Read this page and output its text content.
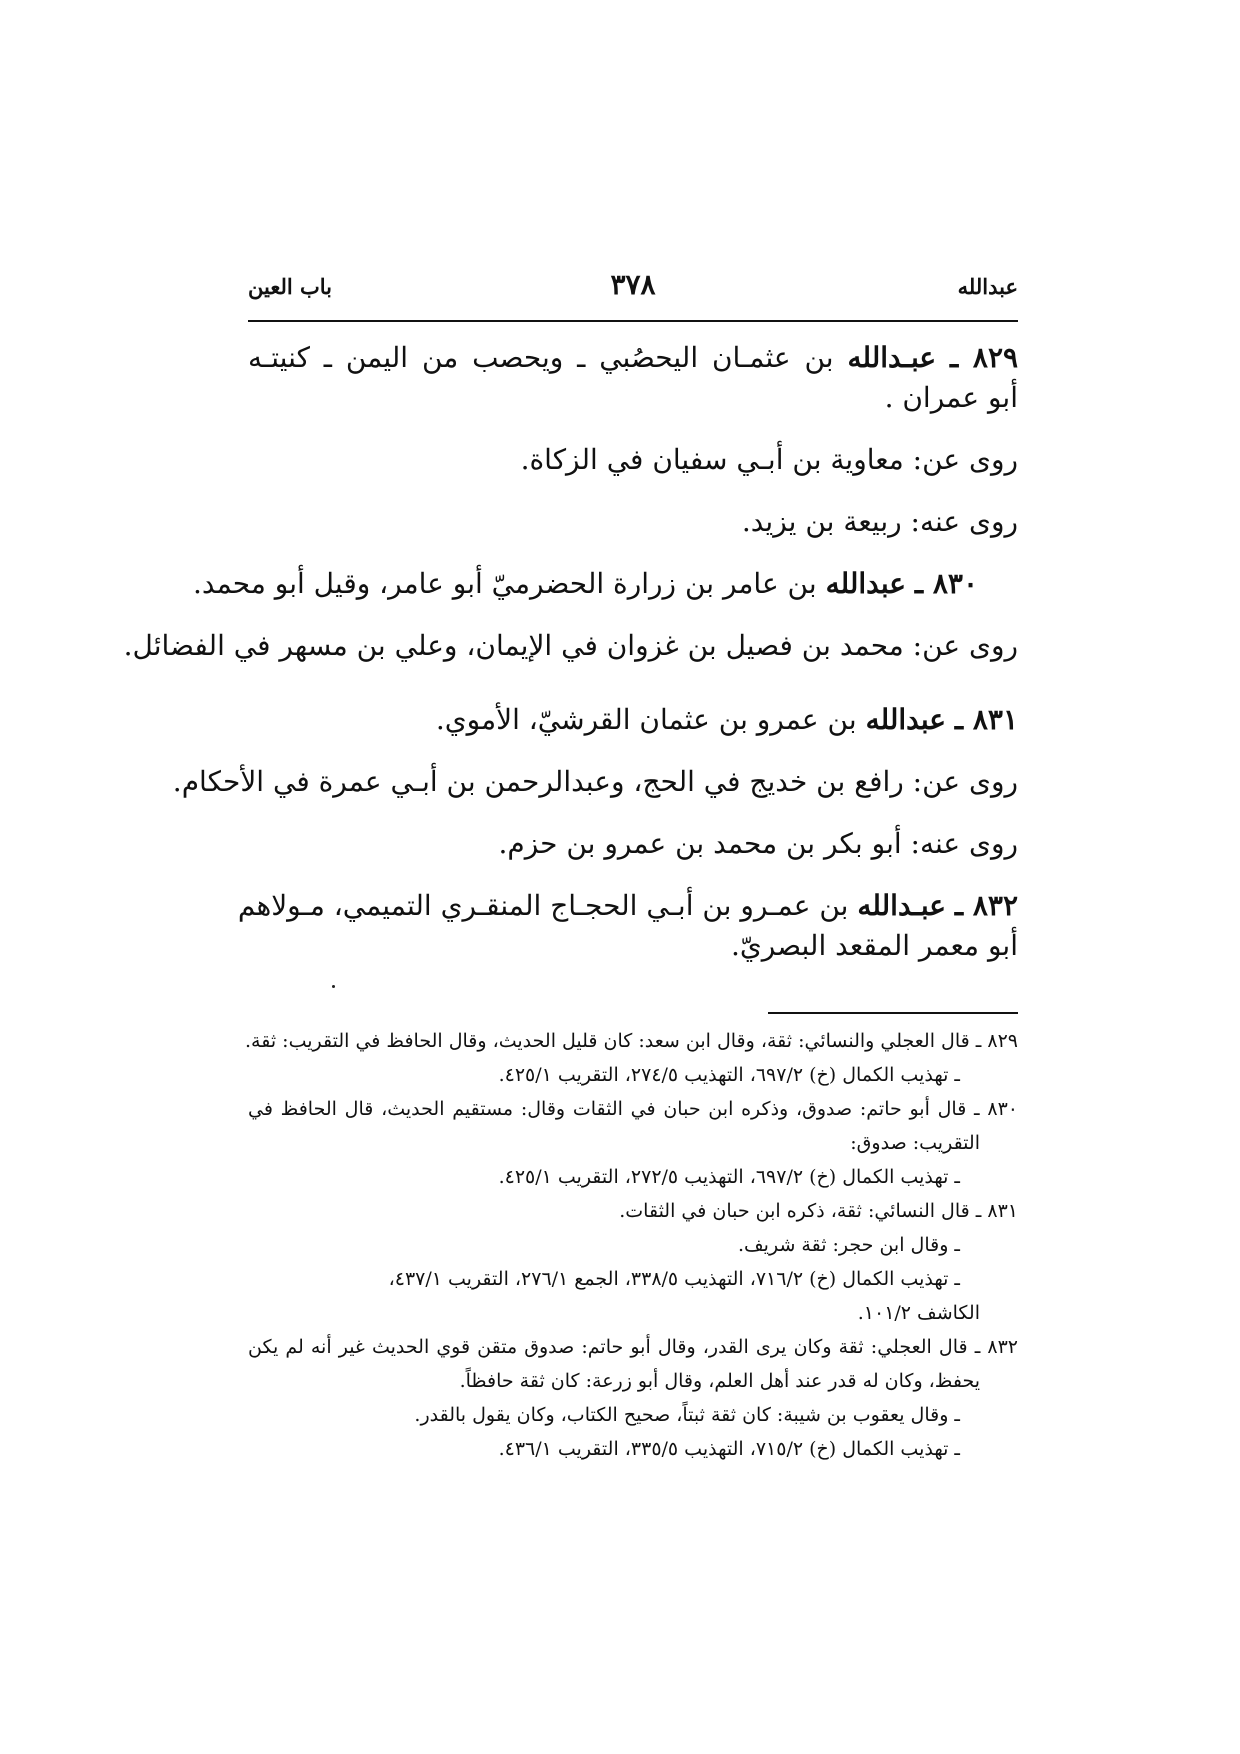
عبدالله
٣٧٨
باب العين
٨٢٩ ـ عبـدالله بن عثمـان اليحصُبي ـ ويحصب من اليمن ـ كنيتـه
أبو عمران .
روى عن: معاوية بن أبـي سفيان في الزكاة.
روى عنه: ربيعة بن يزيد.
٨٣٠ ـ عبدالله بن عامر بن زرارة الحضرميّ أبو عامر، وقيل أبو محمد.
روى عن: محمد بن فصيل بن غزوان في الإيمان، وعلي بن مسهر في الفضائل.
٨٣١ ـ عبدالله بن عمرو بن عثمان القرشيّ، الأموي.
روى عن: رافع بن خديج في الحج، وعبدالرحمن بن أبـي عمرة في الأحكام.
روى عنه: أبو بكر بن محمد بن عمرو بن حزم.
٨٣٢ ـ عبـدالله بن عمـرو بن أبـي الحجـاج المنقـري التميمي، مـولاهم
أبو معمر المقعد البصريّ.
٨٢٩ ـ قال العجلي والنسائي: ثقة، وقال ابن سعد: كان قليل الحديث، وقال الحافظ في التقريب: ثقة.
ـ تهذيب الكمال (خ) ٦٩٧/٢، التهذيب ٢٧٤/٥، التقريب ٤٢٥/١.
٨٣٠ ـ قال أبو حاتم: صدوق، وذكره ابن حبان في الثقات وقال: مستقيم الحديث، قال الحافظ في
التقريب: صدوق:
ـ تهذيب الكمال (خ) ٦٩٧/٢، التهذيب ٢٧٢/٥، التقريب ٤٢٥/١.
٨٣١ ـ قال النسائي: ثقة، ذكره ابن حبان في الثقات.
ـ وقال ابن حجر: ثقة شريف.
ـ تهذيب الكمال (خ) ٧١٦/٢، التهذيب ٣٣٨/٥، الجمع ٢٧٦/١، التقريب ٤٣٧/١،
الكاشف ١٠١/٢.
٨٣٢ ـ قال العجلي: ثقة وكان يرى القدر، وقال أبو حاتم: صدوق متقن قوي الحديث غير أنه لم يكن
يحفظ، وكان له قدر عند أهل العلم، وقال أبو زرعة: كان ثقة حافظاً.
ـ وقال يعقوب بن شيبة: كان ثقة ثبتاً، صحيح الكتاب، وكان يقول بالقدر.
ـ تهذيب الكمال (خ) ٧١٥/٢، التهذيب ٣٣٥/٥، التقريب ٤٣٦/١.
